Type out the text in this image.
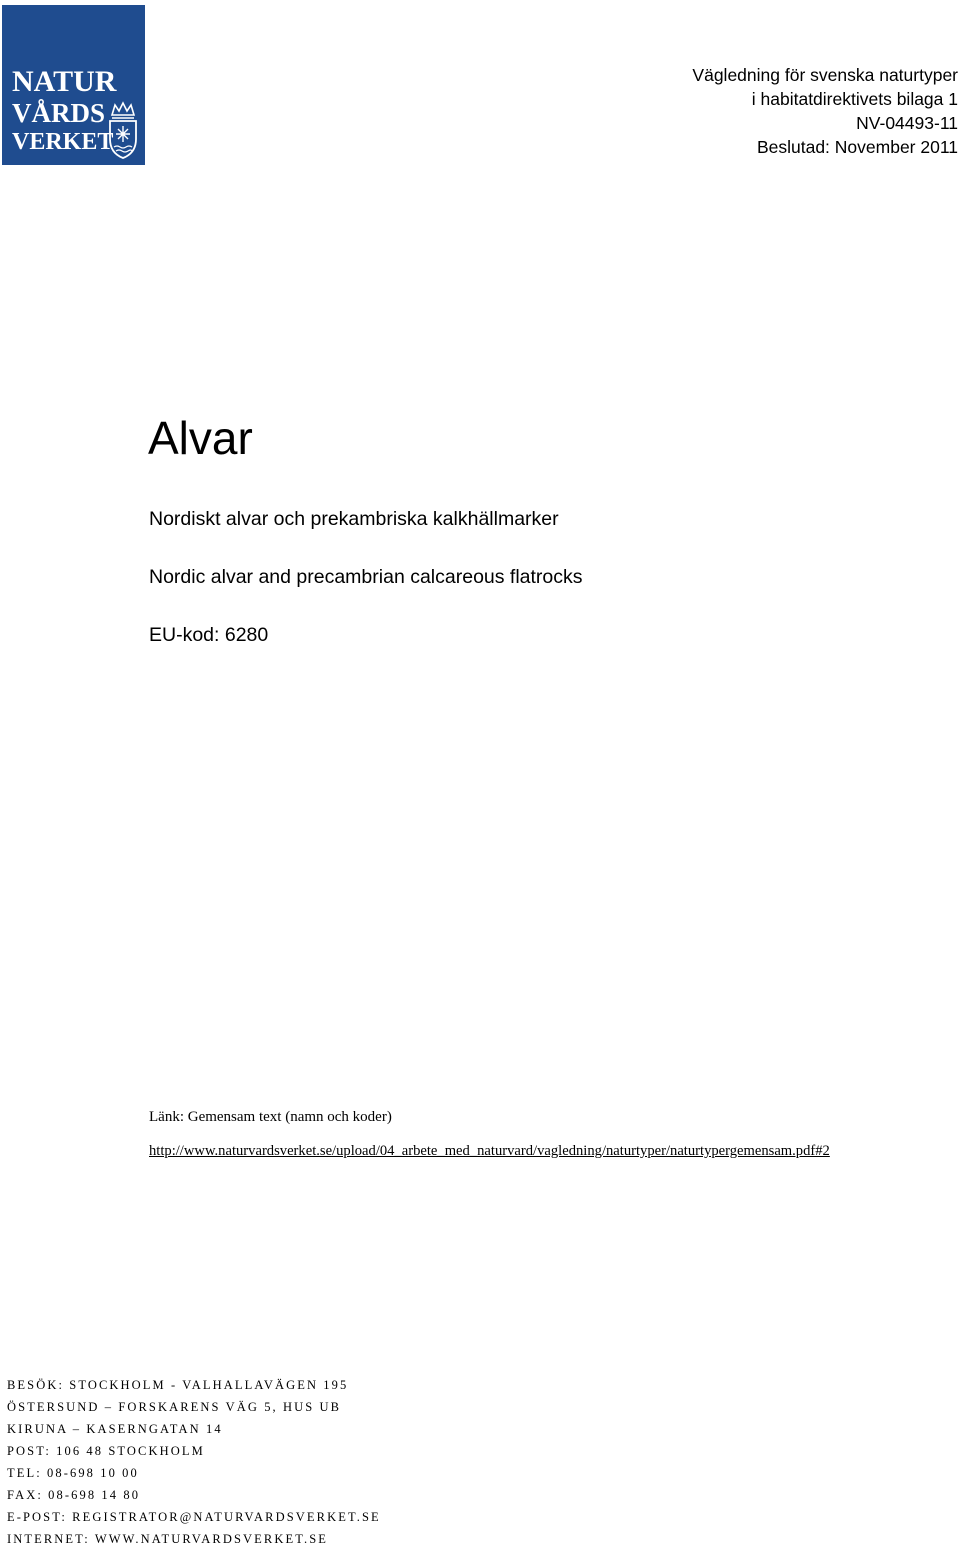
NATUR
VÅRDS
VERKET
Vägledning för svenska naturtyper
i habitatdirektivets bilaga 1
NV-04493-11
Beslutad: November 2011
Alvar
Nordiskt alvar och prekambriska kalkhällmarker
Nordic alvar and precambrian calcareous flatrocks
EU-kod: 6280
Länk: Gemensam text (namn och koder)
http://www.naturvardsverket.se/upload/04_arbete_med_naturvard/vagledning/naturtyper/naturtypergemensam.pdf#2
BESÖK: STOCKHOLM - VALHALLAVÄGEN 195
ÖSTERSUND – FORSKARENS VÄG 5, HUS UB
KIRUNA – KASERNGATAN 14
POST: 106 48 STOCKHOLM
TEL: 08-698 10 00
FAX: 08-698 14 80
E-POST: REGISTRATOR@NATURVARDSVERKET.SE
INTERNET: WWW.NATURVARDSVERKET.SE
